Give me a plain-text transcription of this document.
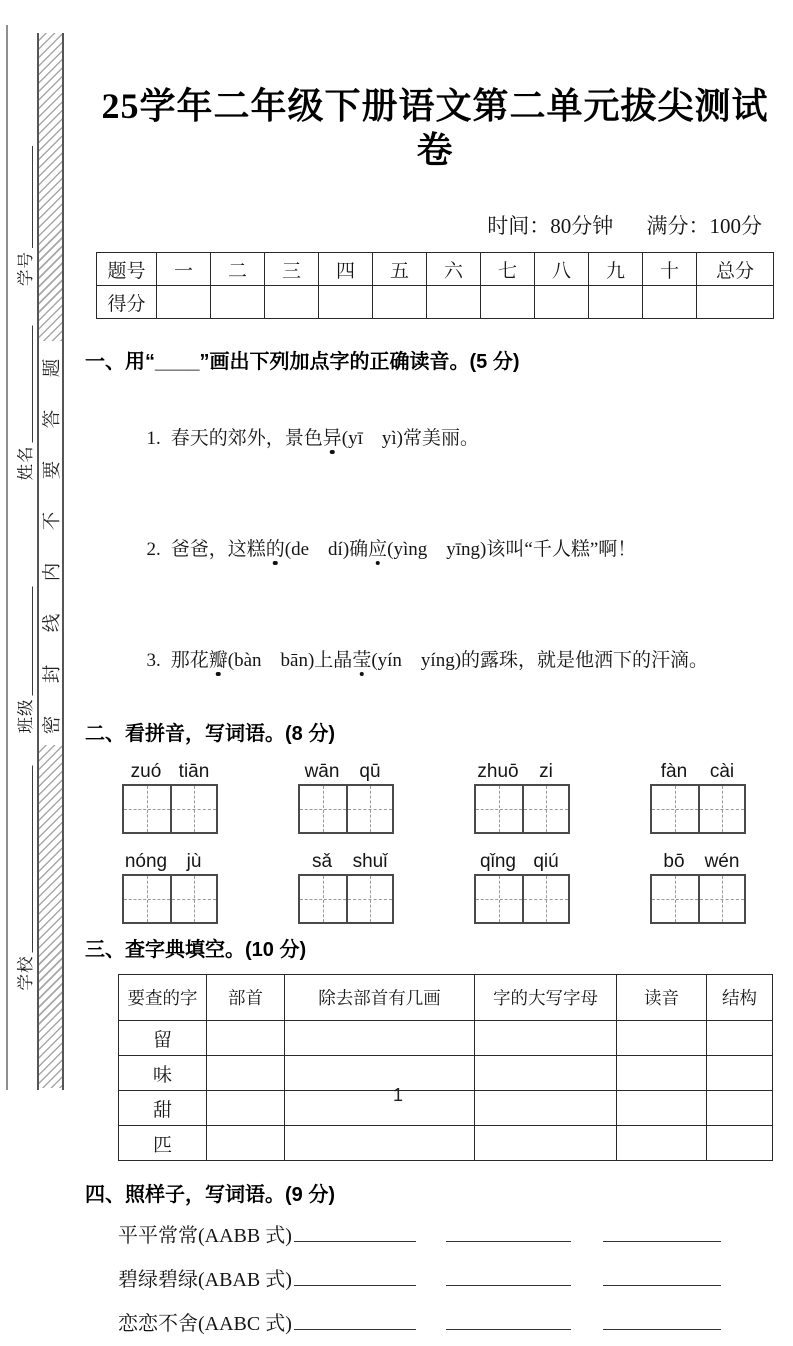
学号
姓名
班级
学校
密　封　线　内　不　要　答　题
25学年二年级下册语文第二单元拔尖测试卷
时间：80分钟 满分：100分
题号	一	二	三	四	五	六	七	八	九	十	总分
得分											
一、用“____”画出下列加点字的正确读音。(5 分)

1. 春天的郊外，景色异(yī　yì)常美丽。

2. 爸爸，这糕的(de　dí)确应(yìng　yīng)该叫“千人糕”啊！

3. 那花瓣(bàn　bān)上晶莹(yín　yíng)的露珠，就是他洒下的汗滴。

二、看拼音，写词语。(8 分)
zuó tiān	wān	qū	zhuō	zi	fàn	cài
nóng	jù	sǎ	shuǐ	qǐng qiú	bō	wén
三、查字典填空。(10 分)
要查的字	部首	除去部首有几画	字的大写字母	读音	结构
留					
味					
甜					
匹					
四、照样子，写词语。(9 分)
平平常常(AABB 式)
碧绿碧绿(ABAB 式)
恋恋不舍(AABC 式)
1
